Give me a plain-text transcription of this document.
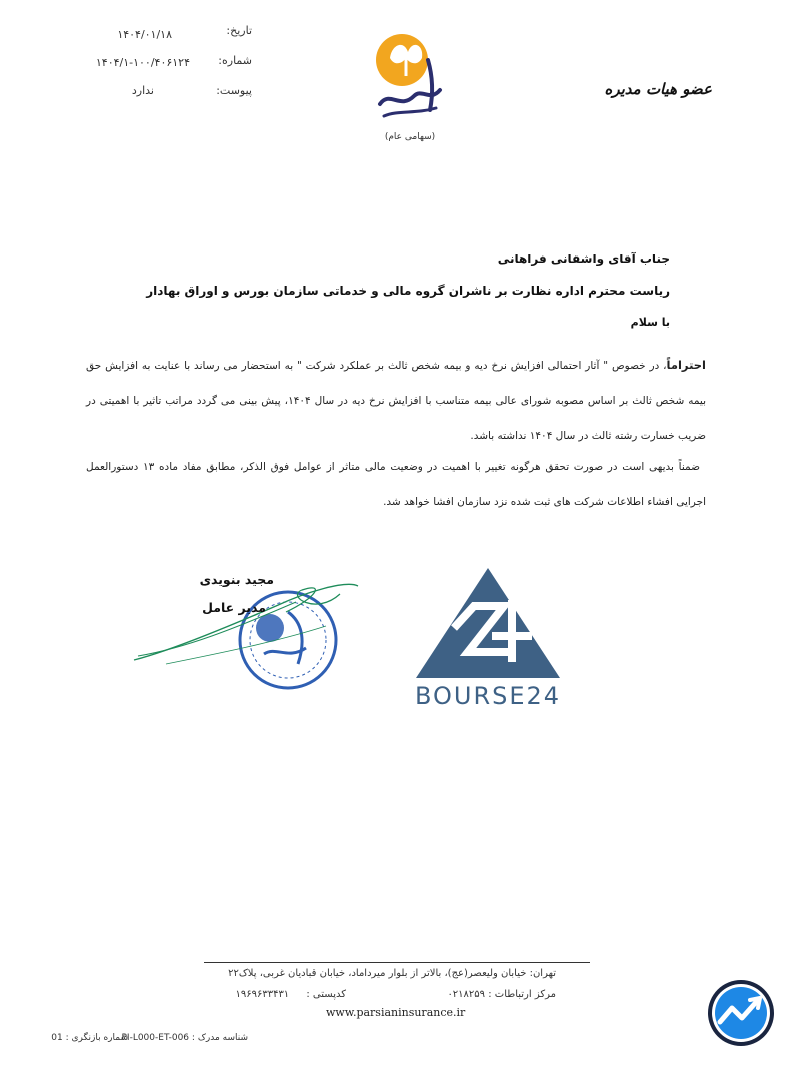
تاریخ:
۱۴۰۴/۰۱/۱۸
شماره:
۱۴۰۴/۱-۱۰۰/۴۰۶۱۲۴
پیوست:
ندارد
(سهامی عام)
عضو هیات مدیره
جناب آقای واشقانی فراهانی
ریاست محترم اداره نظارت بر ناشران گروه مالی و خدماتی سازمان بورس و اوراق بهادار
با سلام
احتراماً، در خصوص " آثار احتمالی افزایش نرخ دیه و بیمه شخص ثالث بر عملکرد شرکت " به استحضار می رساند با عنایت به افزایش حق بیمه شخص ثالث بر اساس مصوبه شورای عالی بیمه متناسب با افزایش نرخ دیه در سال ۱۴۰۴، پیش بینی می گردد مراتب تاثیر با اهمیتی در ضریب خسارت رشته ثالث در سال ۱۴۰۴ نداشته باشد.
ضمناً بدیهی است در صورت تحقق هرگونه تغییر با اهمیت در وضعیت مالی متاثر از عوامل فوق الذکر، مطابق مفاد ماده ۱۳ دستورالعمل اجرایی افشاء اطلاعات شرکت های ثبت شده نزد سازمان افشا خواهد شد.
مجید بنویدی
مدیر عامل
BOURSE24
تهران: خیابان ولیعصر(عج)، بالاتر از بلوار میرداماد، خیابان قبادیان غربی، پلاک۲۲
مرکز ارتباطات : ۰۲۱۸۲۵۹
کدپستی : ۱۹۶۹۶۳۳۴۳۱
www.parsianinsurance.ir
شناسه مدرک : PI-L000-ET-006
شماره بازنگری : 01
